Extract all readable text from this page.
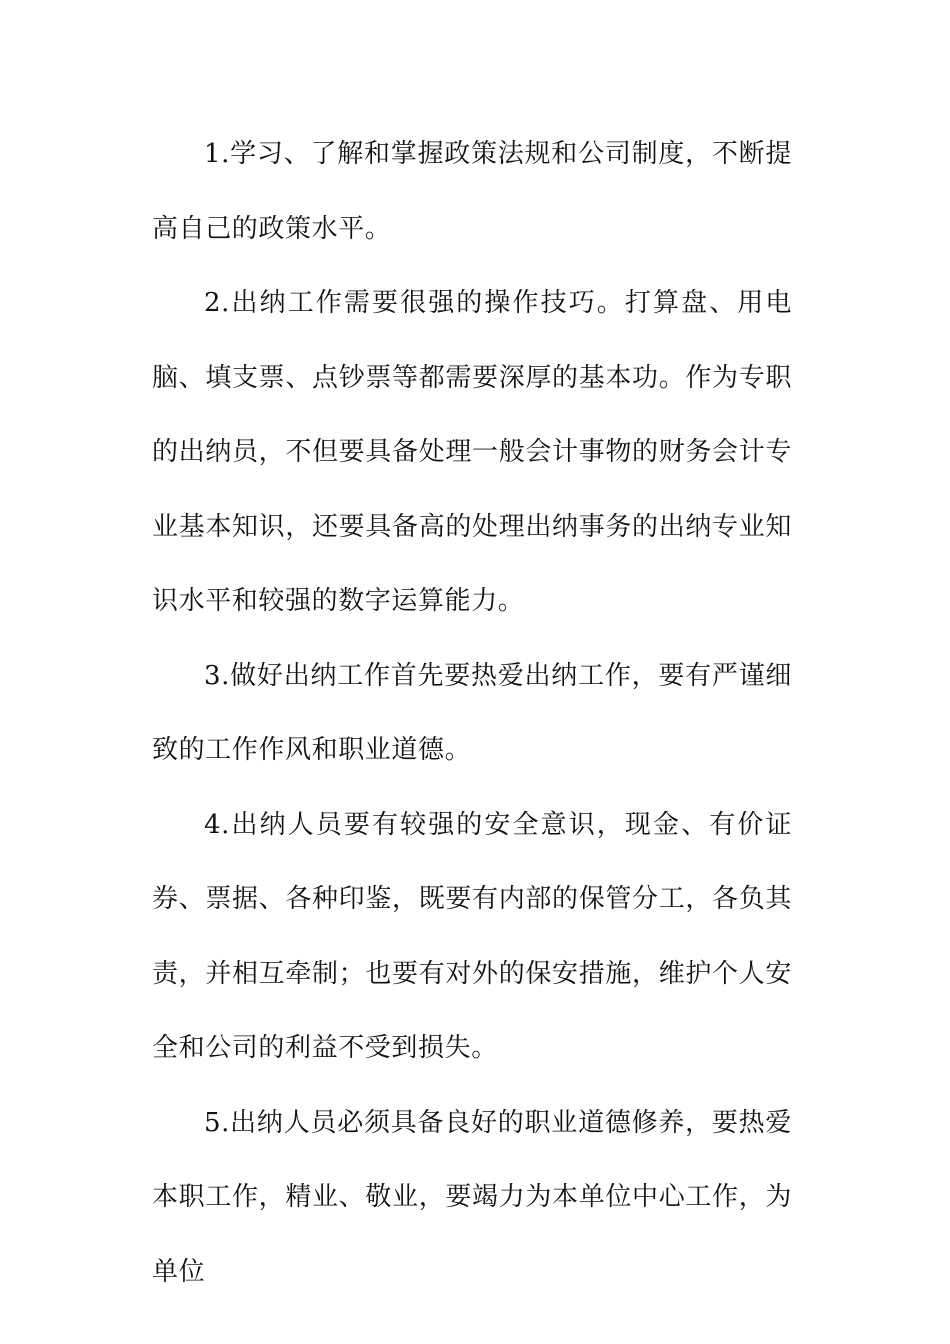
1.学习、了解和掌握政策法规和公司制度，不断提高自己的政策水平。

2.出纳工作需要很强的操作技巧。打算盘、用电脑、填支票、点钞票等都需要深厚的基本功。作为专职的出纳员，不但要具备处理一般会计事物的财务会计专业基本知识，还要具备高的处理出纳事务的出纳专业知识水平和较强的数字运算能力。

3.做好出纳工作首先要热爱出纳工作，要有严谨细致的工作作风和职业道德。

4.出纳人员要有较强的安全意识，现金、有价证券、票据、各种印鉴，既要有内部的保管分工，各负其责，并相互牵制；也要有对外的保安措施，维护个人安全和公司的利益不受到损失。

5.出纳人员必须具备良好的职业道德修养，要热爱本职工作，精业、敬业，要竭力为本单位中心工作，为单位
